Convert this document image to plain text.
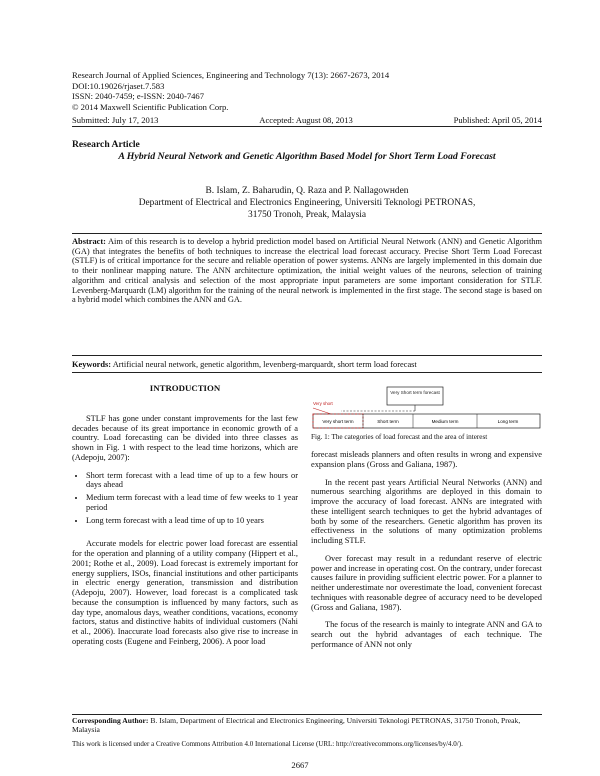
Research Journal of Applied Sciences, Engineering and Technology 7(13): 2667-2673, 2014
DOI:10.19026/rjaset.7.583
ISSN: 2040-7459; e-ISSN: 2040-7467
© 2014 Maxwell Scientific Publication Corp.
Submitted: July 17, 2013	Accepted: August 08, 2013	Published: April 05, 2014
Research Article
A Hybrid Neural Network and Genetic Algorithm Based Model for Short Term Load Forecast
B. Islam, Z. Baharudin, Q. Raza and P. Nallagowнden
Department of Electrical and Electronics Engineering, Universiti Teknologi PETRONAS,
31750 Tronoh, Preak, Malaysia
Abstract: Aim of this research is to develop a hybrid prediction model based on Artificial Neural Network (ANN) and Genetic Algorithm (GA) that integrates the benefits of both techniques to increase the electrical load forecast accuracy. Precise Short Term Load Forecast (STLF) is of critical importance for the secure and reliable operation of power systems. ANNs are largely implemented in this domain due to their nonlinear mapping nature. The ANN architecture optimization, the initial weight values of the neurons, selection of training algorithm and critical analysis and selection of the most appropriate input parameters are some important consideration for STLF. Levenberg-Marquardt (LM) algorithm for the training of the neural network is implemented in the first stage. The second stage is based on a hybrid model which combines the ANN and GA.
Keywords: Artificial neural network, genetic algorithm, levenberg-marquardt, short term load forecast
INTRODUCTION

STLF has gone under constant improvements for the last few decades because of its great importance in economic growth of a country. Load forecasting can be divided into three classes as shown in Fig. 1 with respect to the lead time horizons, which are (Adepoju, 2007):

• Short term forecast with a lead time of up to a few hours or days ahead
• Medium term forecast with a lead time of few weeks to 1 year period
• Long term forecast with a lead time of up to 10 years

Accurate models for electric power load forecast are essential for the operation and planning of a utility company (Hippert et al., 2001; Rothe et al., 2009). Load forecast is extremely important for energy suppliers, ISOs, financial institutions and other participants in electric energy generation, transmission and distribution (Adepoju, 2007). However, load forecast is a complicated task because the consumption is influenced by many factors, such as day type, anomalous days, weather conditions, vacations, economy factors, status and distinctive habits of individual customers (Nahi et al., 2006). Inaccurate load forecasts also give rise to increase in operating costs (Eugene and Feinberg, 2006). A poor load

Very Short term forecast
Very short
Very short term	Short term	Medium term	Long term
Fig. 1: The categories of load forecast and the area of interest

forecast misleads planners and often results in wrong and expensive expansion plans (Gross and Galiana, 1987).

In the recent past years Artificial Neural Networks (ANN) and numerous searching algorithms are deployed in this domain to improve the accuracy of load forecast. ANNs are integrated with these intelligent search techniques to get the hybrid advantages of both by some of the researchers. Genetic algorithm has proven its effectiveness in the solutions of many optimization problems including STLF.

Over forecast may result in a redundant reserve of electric power and increase in operating cost. On the contrary, under forecast causes failure in providing sufficient electric power. For a planner to neither underestimate nor overestimate the load, convenient forecast techniques with reasonable degree of accuracy need to be developed (Gross and Galiana, 1987).

The focus of the research is mainly to integrate ANN and GA to search out the hybrid advantages of each technique. The performance of ANN not only

Corresponding Author: B. Islam, Department of Electrical and Electronics Engineering, Universiti Teknologi PETRONAS, 31750 Tronoh, Preak, Malaysia
This work is licensed under a Creative Commons Attribution 4.0 International License (URL: http://creativecommons.org/licenses/by/4.0/).
2667
